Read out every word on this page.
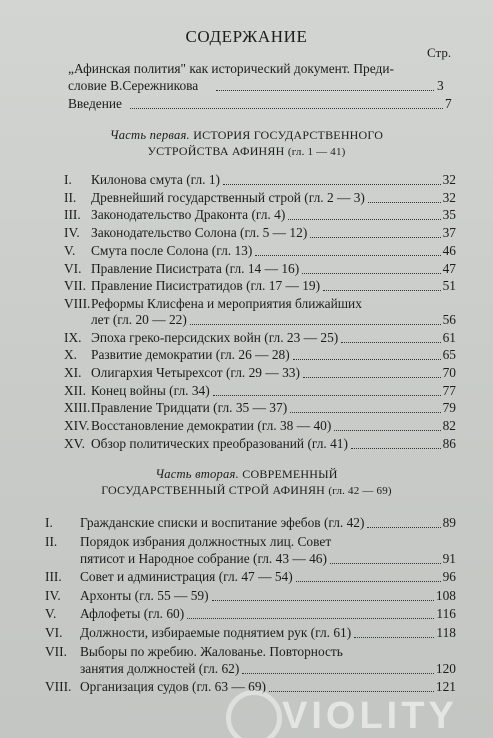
СОДЕРЖАНИЕ
Стр.
„Афинская полития" как исторический документ. Преди-
словие В.Сережникова	3
Введение	7
Часть первая. ИСТОРИЯ ГОСУДАРСТВЕННОГО
УСТРОЙСТВА АФИНЯН (гл. 1 — 41)
I. Килонова смута (гл. 1)	32
II. Древнейший государственный строй (гл. 2 — 3)	32
III. Законодательство Драконта (гл. 4)	35
IV. Законодательство Солона (гл. 5 — 12)	37
V. Смута после Солона (гл. 13)	46
VI. Правление Писистрата (гл. 14 — 16)	47
VII. Правление Писистратидов (гл. 17 — 19)	51
VIII. Реформы Клисфена и мероприятия ближайших
лет (гл. 20 — 22)	56
IX. Эпоха греко-персидских войн (гл. 23 — 25)	61
X. Развитие демократии (гл. 26 — 28)	65
XI. Олигархия Четырехсот (гл. 29 — 33)	70
XII. Конец войны (гл. 34)	77
XIII. Правление Тридцати (гл. 35 — 37)	79
XIV. Восстановление демократии (гл. 38 — 40)	82
XV. Обзор политических преобразований (гл. 41)	86
Часть вторая. СОВРЕМЕННЫЙ
ГОСУДАРСТВЕННЫЙ СТРОЙ АФИНЯН (гл. 42 — 69)
I. Гражданские списки и воспитание эфебов (гл. 42)	89
II. Порядок избрания должностных лиц. Совет
пятисот и Народное собрание (гл. 43 — 46)	91
III. Совет и администрация (гл. 47 — 54)	96
IV. Архонты (гл. 55 — 59)	108
V. Афлофеты (гл. 60)	116
VI. Должности, избираемые поднятием рук (гл. 61)	118
VII. Выборы по жребию. Жалованье. Повторность
занятия должностей (гл. 62)	120
VIII. Организация судов (гл. 63 — 69)	121
VIOLITY
